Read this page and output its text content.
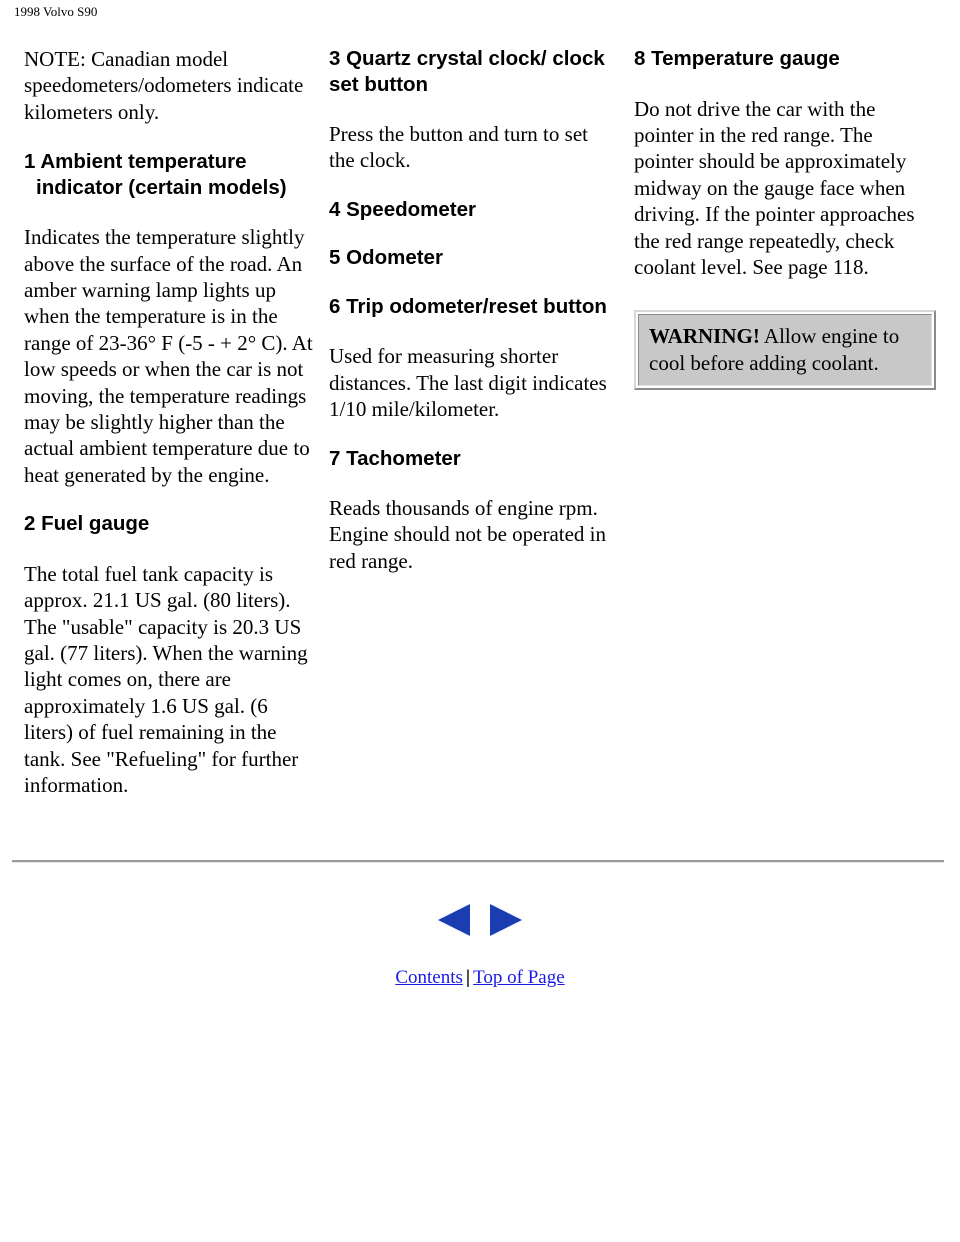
1998 Volvo S90

NOTE: Canadian model speedometers/odometers indicate kilometers only.

1 Ambient temperature indicator (certain models)

Indicates the temperature slightly above the surface of the road. An amber warning lamp lights up when the temperature is in the range of 23-36° F (-5 - + 2° C). At low speeds or when the car is not moving, the temperature readings may be slightly higher than the actual ambient temperature due to heat generated by the engine.

2 Fuel gauge

The total fuel tank capacity is approx. 21.1 US gal. (80 liters). The "usable" capacity is 20.3 US gal. (77 liters). When the warning light comes on, there are approximately 1.6 US gal. (6 liters) of fuel remaining in the tank. See "Refueling" for further information.

3 Quartz crystal clock/ clock set button

Press the button and turn to set the clock.

4 Speedometer
5 Odometer
6 Trip odometer/reset button

Used for measuring shorter distances. The last digit indicates 1/10 mile/kilometer.

7 Tachometer

Reads thousands of engine rpm. Engine should not be operated in red range.

8 Temperature gauge

Do not drive the car with the pointer in the red range. The pointer should be approximately midway on the gauge face when driving. If the pointer approaches the red range repeatedly, check coolant level. See page 118.

WARNING! Allow engine to cool before adding coolant.
Contents | Top of Page
